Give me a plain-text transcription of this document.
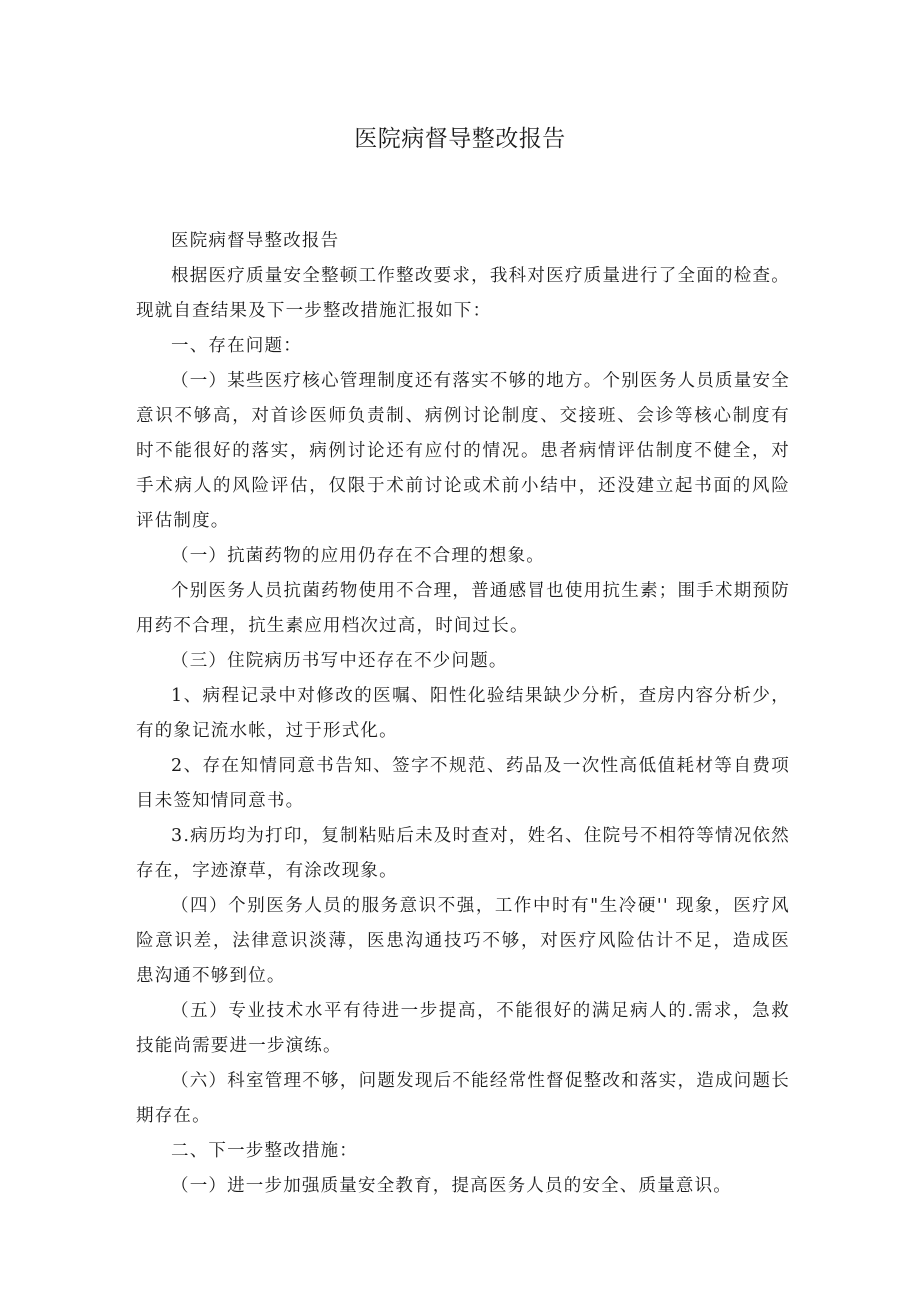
医院病督导整改报告

医院病督导整改报告

根据医疗质量安全整顿工作整改要求，我科对医疗质量进行了全面的检查。现就自查结果及下一步整改措施汇报如下：

一、存在问题：

（一）某些医疗核心管理制度还有落实不够的地方。个别医务人员质量安全意识不够高，对首诊医师负责制、病例讨论制度、交接班、会诊等核心制度有时不能很好的落实，病例讨论还有应付的情况。患者病情评估制度不健全，对手术病人的风险评估，仅限于术前讨论或术前小结中，还没建立起书面的风险评估制度。

（一）抗菌药物的应用仍存在不合理的想象。

个别医务人员抗菌药物使用不合理，普通感冒也使用抗生素；围手术期预防用药不合理，抗生素应用档次过高，时间过长。

（三）住院病历书写中还存在不少问题。

1、病程记录中对修改的医嘱、阳性化验结果缺少分析，查房内容分析少，有的象记流水帐，过于形式化。

2、存在知情同意书告知、签字不规范、药品及一次性高低值耗材等自费项目未签知情同意书。

3.病历均为打印，复制粘贴后未及时查对，姓名、住院号不相符等情况依然存在，字迹潦草，有涂改现象。

（四）个别医务人员的服务意识不强，工作中时有"生冷硬'' 现象，医疗风险意识差，法律意识淡薄，医患沟通技巧不够，对医疗风险估计不足，造成医患沟通不够到位。

（五）专业技术水平有待进一步提高，不能很好的满足病人的.需求，急救技能尚需要进一步演练。

（六）科室管理不够，问题发现后不能经常性督促整改和落实，造成问题长期存在。

二、下一步整改措施：

（一）进一步加强质量安全教育，提高医务人员的安全、质量意识。
